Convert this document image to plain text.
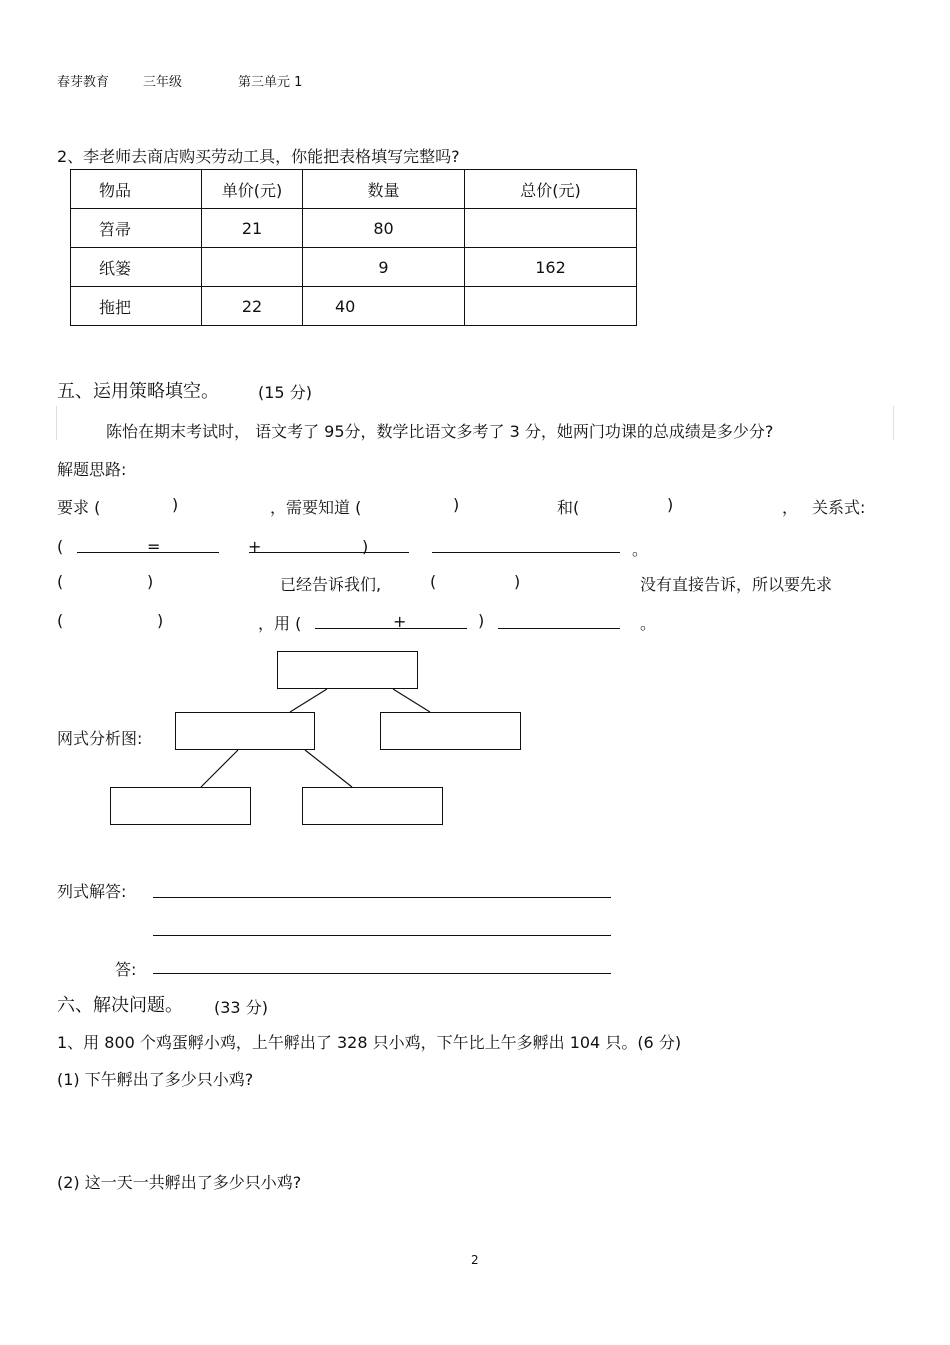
春芽教育	三年级	第三单元 1
2、李老师去商店购买劳动工具，你能把表格填写完整吗?
物品	单价(元)	数量	总价(元)
笤帚	21	80	
纸篓		9	162
拖把	22	40	
五、运用策略填空。 (15 分)
陈怡在期末考试时， 语文考了 95分，数学比语文多考了 3 分，她两门功课的总成绩是多少分?
解题思路:
要求 (	)	，需要知道 (	)	和(	)	， 关系式:
(	=	+	)	。
(	)	已经告诉我们,	(	)	没有直接告诉，所以要先求
(	)	，用 (	+	)	。
网式分析图:
列式解答:
答:
六、解决问题。 (33 分)
1、用 800 个鸡蛋孵小鸡，上午孵出了 328 只小鸡，下午比上午多孵出 104 只。(6 分)
(1) 下午孵出了多少只小鸡?
(2) 这一天一共孵出了多少只小鸡?
2
